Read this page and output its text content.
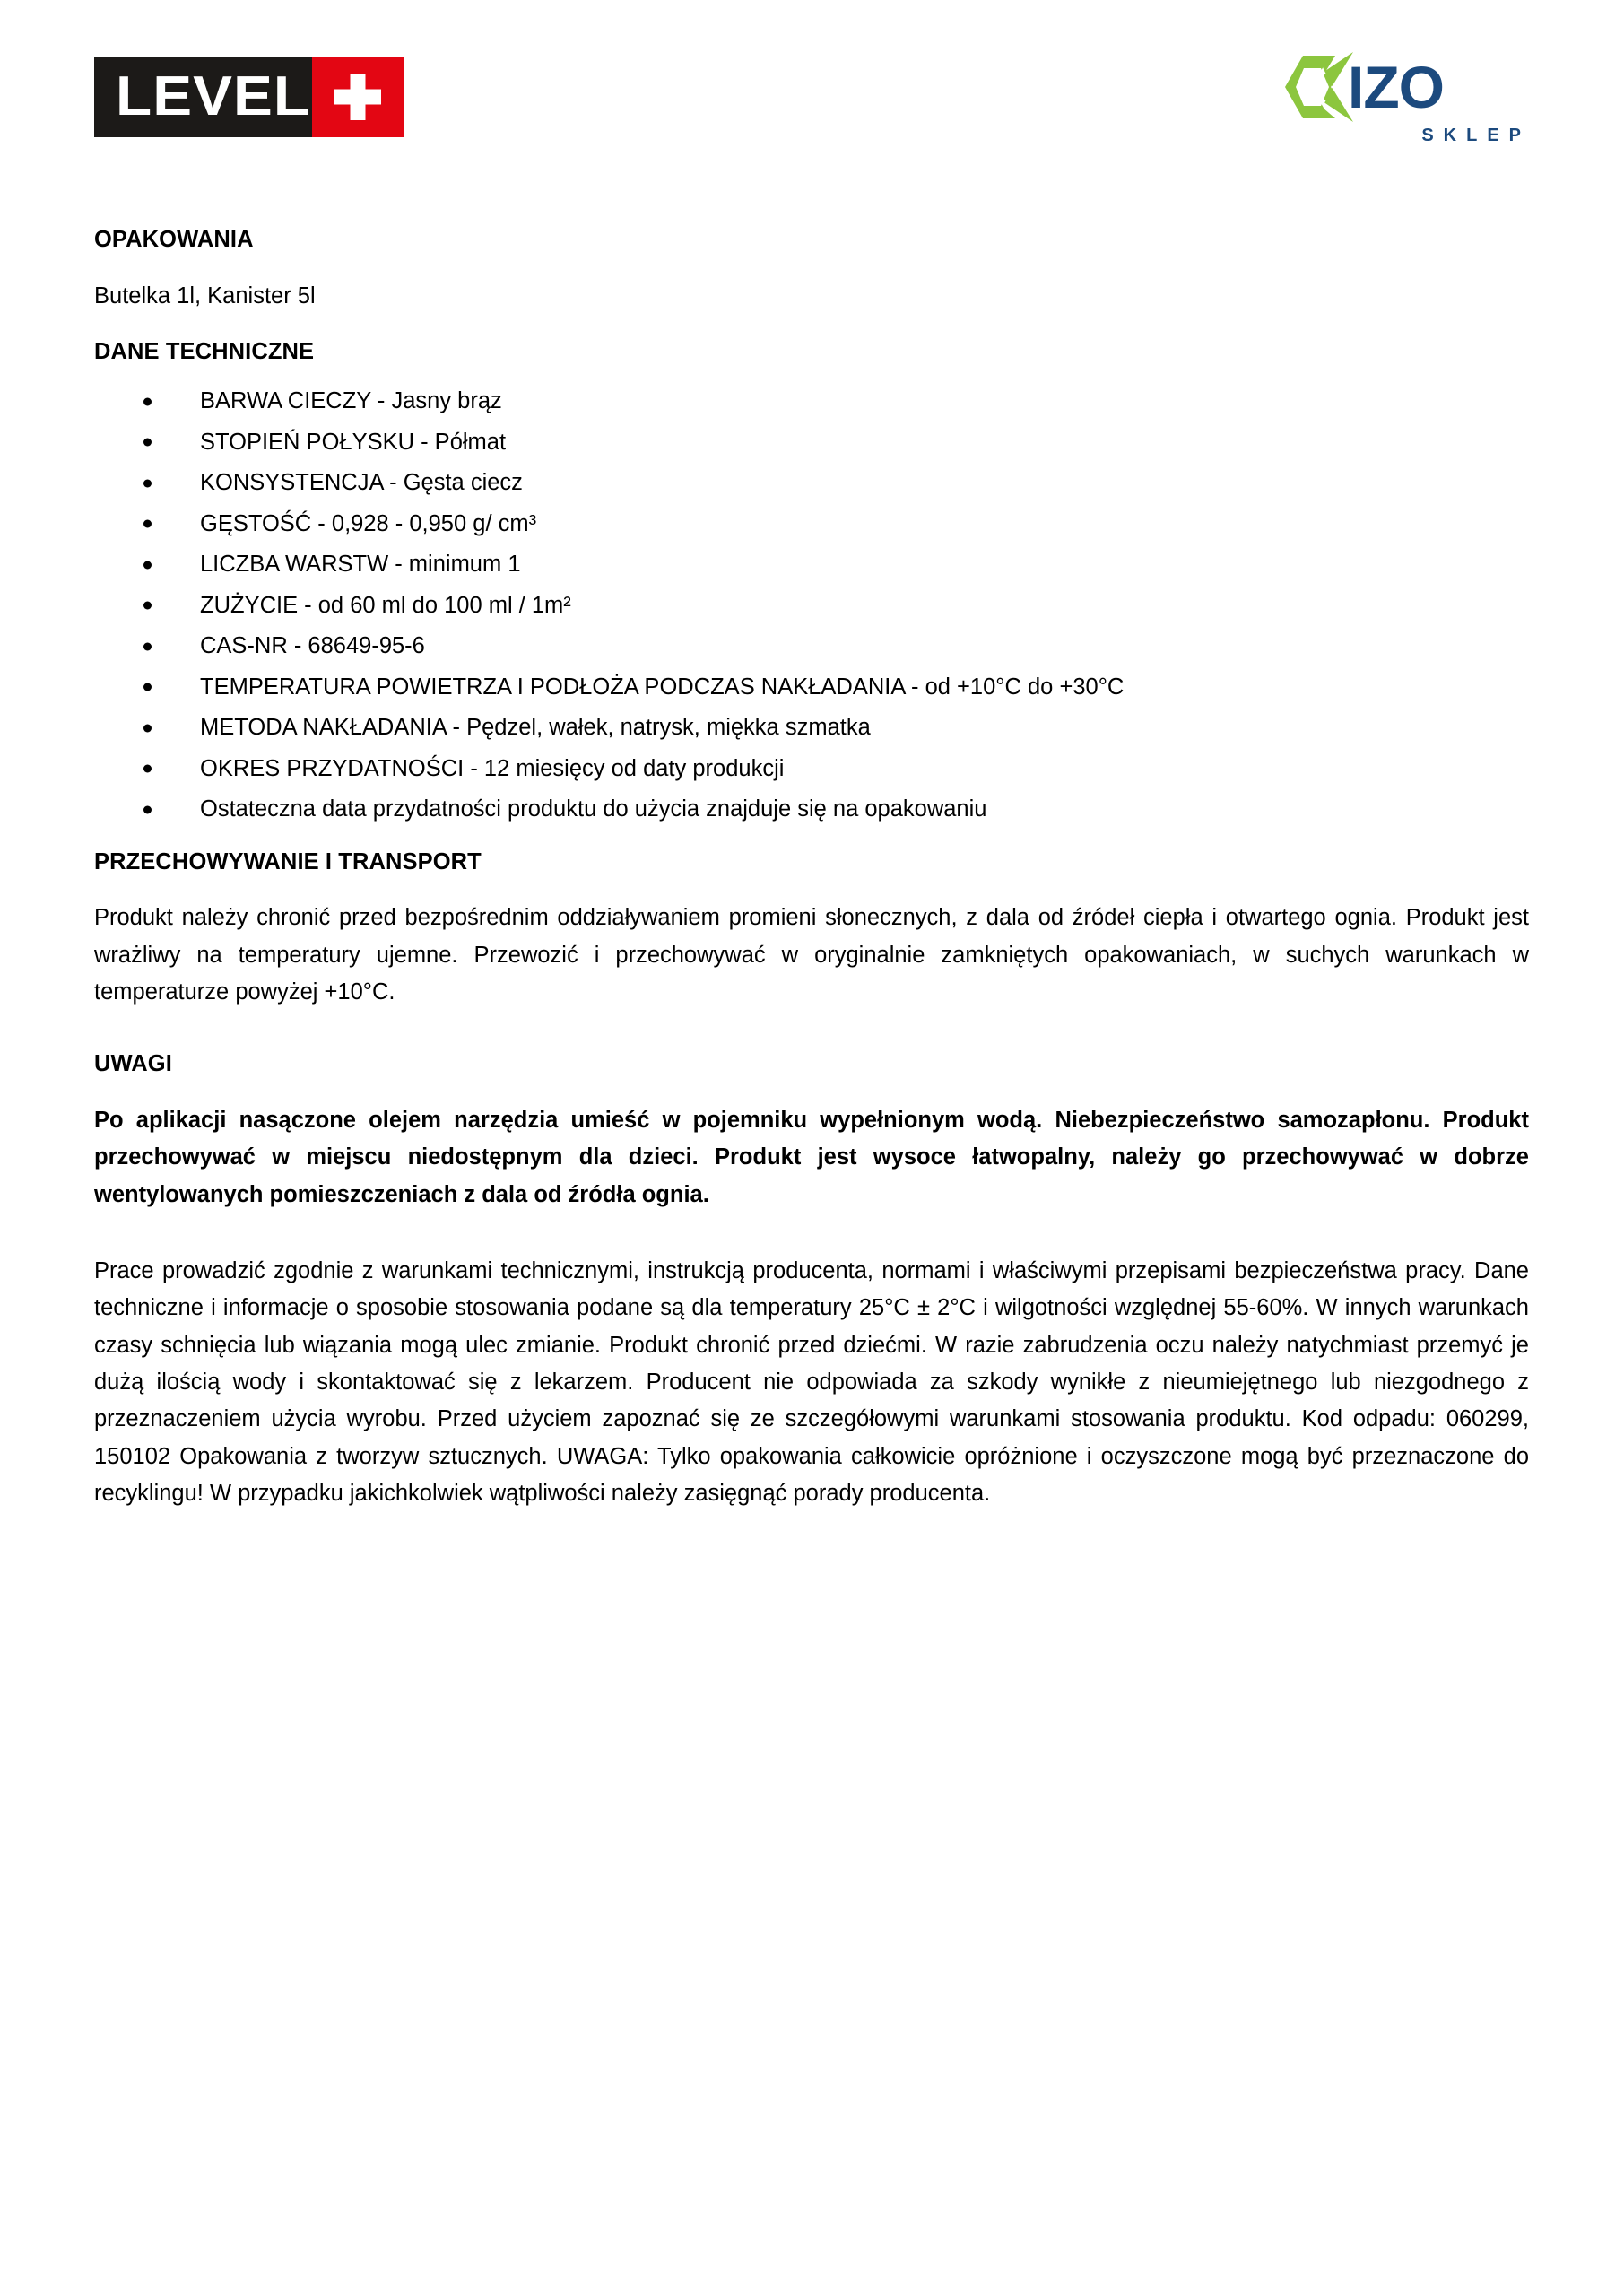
LEVEL	IZO
SKLEP
OPAKOWANIA

Butelka 1l, Kanister 5l

DANE TECHNICZNE
BARWA CIECZY - Jasny brąz
STOPIEŃ POŁYSKU - Półmat
KONSYSTENCJA - Gęsta ciecz
GĘSTOŚĆ - 0,928 - 0,950 g/ cm³
LICZBA WARSTW - minimum 1
ZUŻYCIE - od 60 ml do 100 ml / 1m²
CAS-NR - 68649-95-6
TEMPERATURA POWIETRZA I PODŁOŻA PODCZAS NAKŁADANIA - od +10°C do +30°C
METODA NAKŁADANIA - Pędzel, wałek, natrysk, miękka szmatka
OKRES PRZYDATNOŚCI - 12 miesięcy od daty produkcji
Ostateczna data przydatności produktu do użycia znajduje się na opakowaniu
PRZECHOWYWANIE I TRANSPORT

Produkt należy chronić przed bezpośrednim oddziaływaniem promieni słonecznych, z dala od źródeł ciepła i otwartego ognia. Produkt jest wrażliwy na temperatury ujemne. Przewozić i przechowywać w oryginalnie zamkniętych opakowaniach, w suchych warunkach w temperaturze powyżej +10°C.

UWAGI

Po aplikacji nasączone olejem narzędzia umieść w pojemniku wypełnionym wodą. Niebezpieczeństwo samozapłonu. Produkt przechowywać w miejscu niedostępnym dla dzieci. Produkt jest wysoce łatwopalny, należy go przechowywać w dobrze wentylowanych pomieszczeniach z dala od źródła ognia.

Prace prowadzić zgodnie z warunkami technicznymi, instrukcją producenta, normami i właściwymi przepisami bezpieczeństwa pracy. Dane techniczne i informacje o sposobie stosowania podane są dla temperatury 25°C ± 2°C i wilgotności względnej 55-60%. W innych warunkach czasy schnięcia lub wiązania mogą ulec zmianie. Produkt chronić przed dziećmi. W razie zabrudzenia oczu należy natychmiast przemyć je dużą ilością wody i skontaktować się z lekarzem. Producent nie odpowiada za szkody wynikłe z nieumiejętnego lub niezgodnego z przeznaczeniem użycia wyrobu. Przed użyciem zapoznać się ze szczegółowymi warunkami stosowania produktu. Kod odpadu: 060299, 150102 Opakowania z tworzyw sztucznych. UWAGA: Tylko opakowania całkowicie opróżnione i oczyszczone mogą być przeznaczone do recyklingu! W przypadku jakichkolwiek wątpliwości należy zasięgnąć porady producenta.
